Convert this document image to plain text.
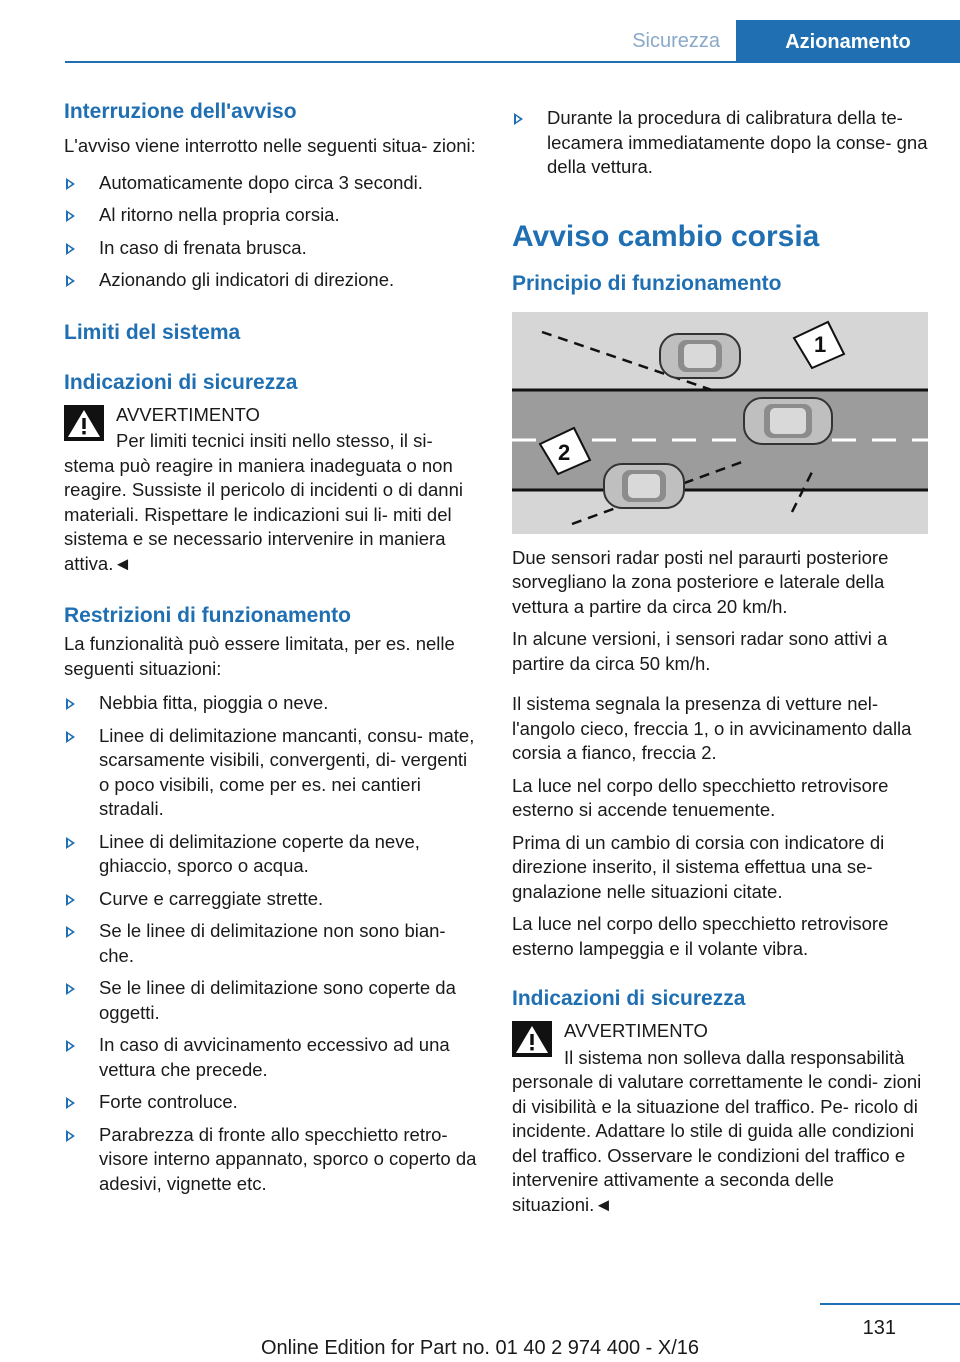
Sicurezza	Azionamento
Interruzione dell'avviso

L'avviso viene interrotto nelle seguenti situa‐ zioni:

Automaticamente dopo circa 3 secondi.
Al ritorno nella propria corsia.
In caso di frenata brusca.
Azionando gli indicatori di direzione.
Limiti del sistema
Indicazioni di sicurezza
AVVERTIMENTO

Per limiti tecnici insiti nello stesso, il si‐ stema può reagire in maniera inadeguata o non reagire. Sussiste il pericolo di incidenti o di danni materiali. Rispettare le indicazioni sui li‐ miti del sistema e se necessario intervenire in maniera attiva.◄

Restrizioni di funzionamento

La funzionalità può essere limitata, per es. nelle seguenti situazioni:

Nebbia fitta, pioggia o neve.
Linee di delimitazione mancanti, consu‐ mate, scarsamente visibili, convergenti, di‐ vergenti o poco visibili, come per es. nei cantieri stradali.
Linee di delimitazione coperte da neve, ghiaccio, sporco o acqua.
Curve e carreggiate strette.
Se le linee di delimitazione non sono bian‐ che.
Se le linee di delimitazione sono coperte da oggetti.
In caso di avvicinamento eccessivo ad una vettura che precede.
Forte controluce.
Parabrezza di fronte allo specchietto retro‐ visore interno appannato, sporco o coperto da adesivi, vignette etc.
Durante la procedura di calibratura della te‐ lecamera immediatamente dopo la conse‐ gna della vettura.
Avviso cambio corsia
Principio di funzionamento
1
2

Due sensori radar posti nel paraurti posteriore sorvegliano la zona posteriore e laterale della vettura a partire da circa 20 km/h.

In alcune versioni, i sensori radar sono attivi a partire da circa 50 km/h.

Il sistema segnala la presenza di vetture nel‐ l'angolo cieco, freccia 1, o in avvicinamento dalla corsia a fianco, freccia 2.

La luce nel corpo dello specchietto retrovisore esterno si accende tenuemente.

Prima di un cambio di corsia con indicatore di direzione inserito, il sistema effettua una se‐ gnalazione nelle situazioni citate.

La luce nel corpo dello specchietto retrovisore esterno lampeggia e il volante vibra.

Indicazioni di sicurezza
AVVERTIMENTO

Il sistema non solleva dalla responsabilità personale di valutare correttamente le condi‐ zioni di visibilità e la situazione del traffico. Pe‐ ricolo di incidente. Adattare lo stile di guida alle condizioni del traffico. Osservare le condizioni del traffico e intervenire attivamente a seconda delle situazioni.◄

131
Online Edition for Part no. 01 40 2 974 400 - X/16
